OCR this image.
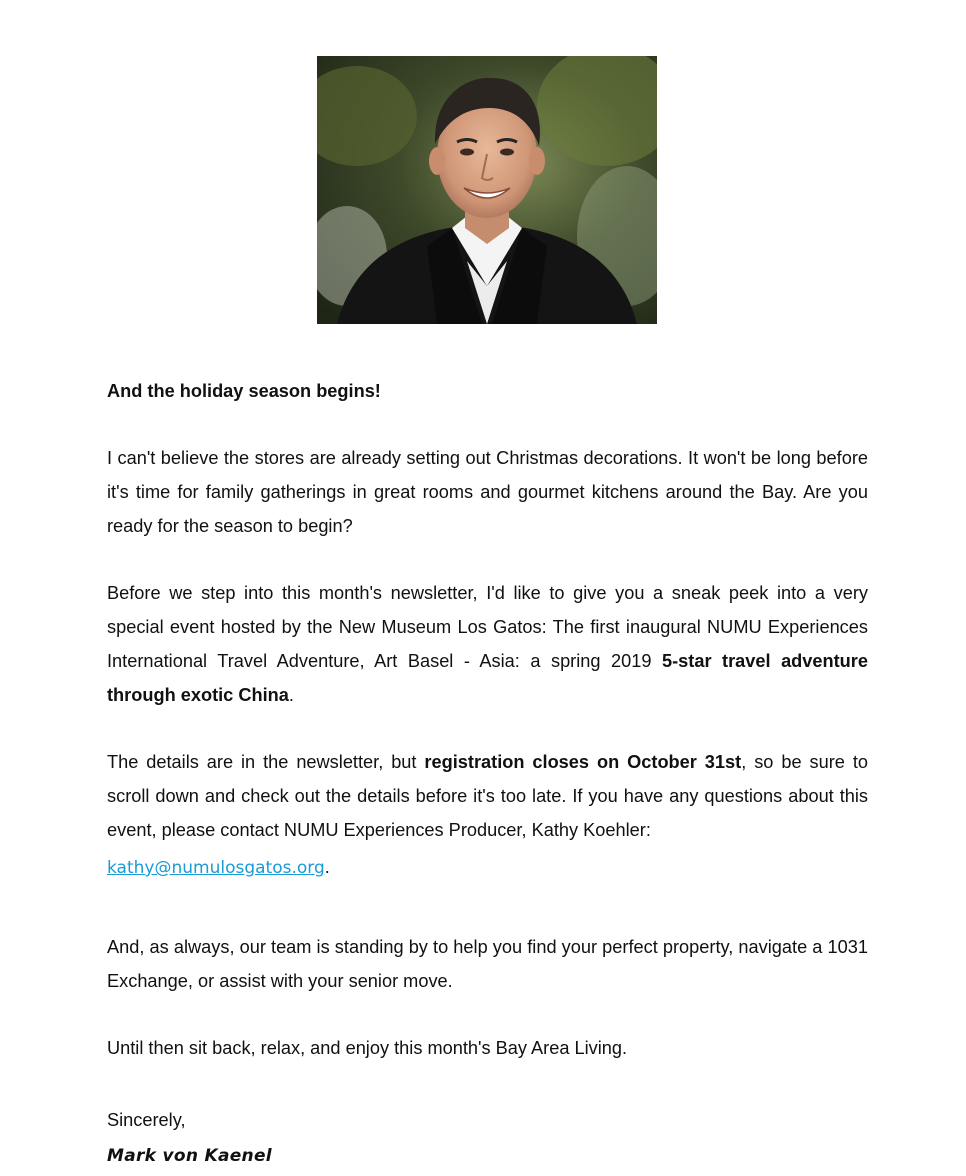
And the holiday season begins!

I can't believe the stores are already setting out Christmas decorations. It won't be long before it's time for family gatherings in great rooms and gourmet kitchens around the Bay. Are you ready for the season to begin?

Before we step into this month's newsletter, I'd like to give you a sneak peek into a very special event hosted by the New Museum Los Gatos: The first inaugural NUMU Experiences International Travel Adventure, Art Basel - Asia: a spring 2019 5-star travel adventure through exotic China.

The details are in the newsletter, but registration closes on October 31st, so be sure to scroll down and check out the details before it's too late. If you have any questions about this event, please contact NUMU Experiences Producer, Kathy Koehler:

kathy@numulosgatos.org.

And, as always, our team is standing by to help you find your perfect property, navigate a 1031 Exchange, or assist with your senior move.

Until then sit back, relax, and enjoy this month's Bay Area Living.

Sincerely,

Mark von Kaenel
